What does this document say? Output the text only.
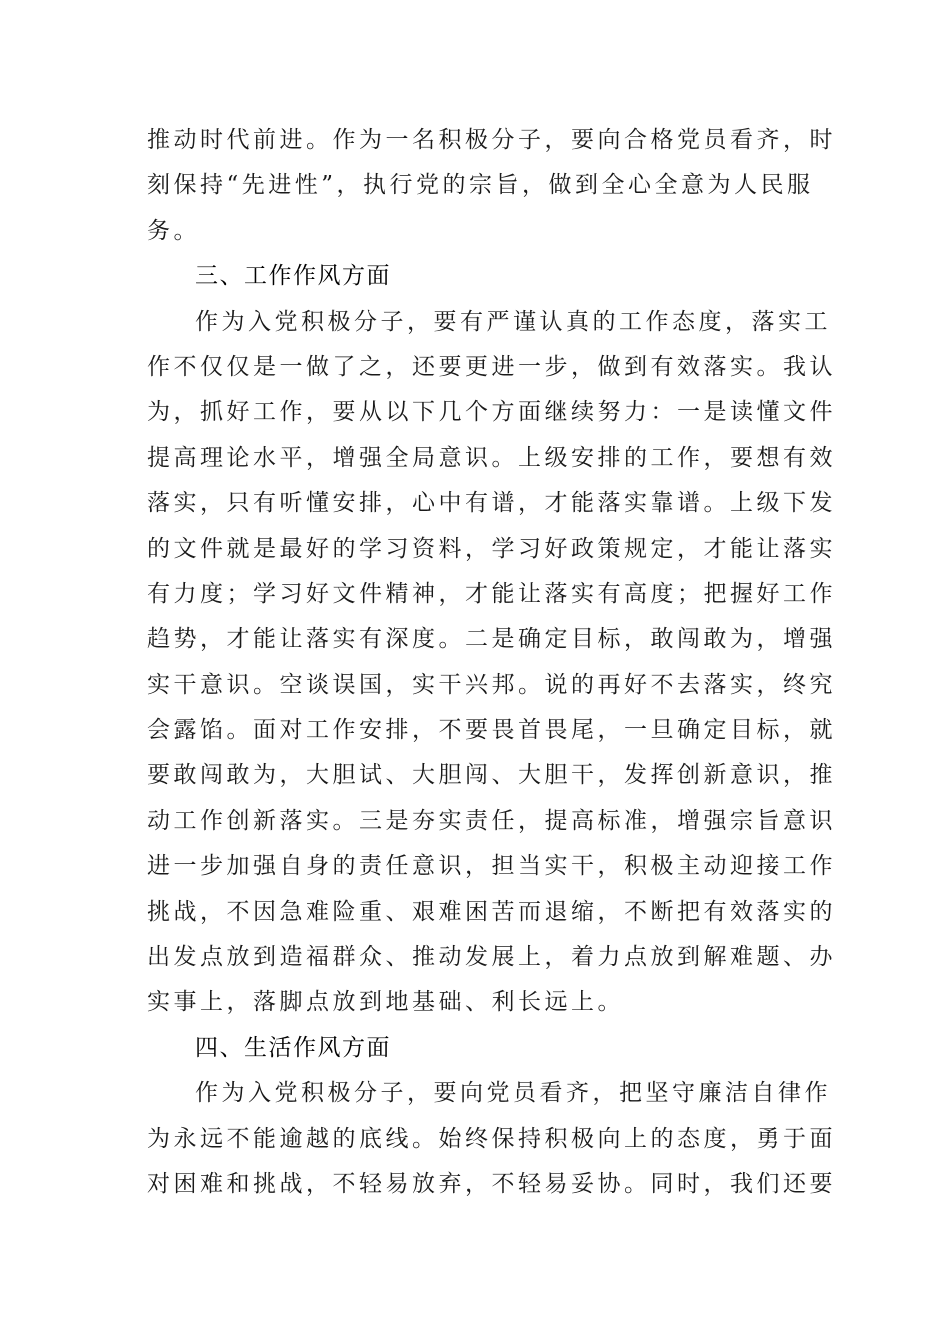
推动时代前进。作为一名积极分子，要向合格党员看齐，时
刻保持“先进性”，执行党的宗旨，做到全心全意为人民服
务。
三、工作作风方面
作为入党积极分子，要有严谨认真的工作态度，落实工
作不仅仅是一做了之，还要更进一步，做到有效落实。我认
为，抓好工作，要从以下几个方面继续努力：一是读懂文件
提高理论水平，增强全局意识。上级安排的工作，要想有效
落实，只有听懂安排，心中有谱，才能落实靠谱。上级下发
的文件就是最好的学习资料，学习好政策规定，才能让落实
有力度；学习好文件精神，才能让落实有高度；把握好工作
趋势，才能让落实有深度。二是确定目标，敢闯敢为，增强
实干意识。空谈误国，实干兴邦。说的再好不去落实，终究
会露馅。面对工作安排，不要畏首畏尾，一旦确定目标，就
要敢闯敢为，大胆试、大胆闯、大胆干，发挥创新意识，推
动工作创新落实。三是夯实责任，提高标准，增强宗旨意识
进一步加强自身的责任意识，担当实干，积极主动迎接工作
挑战，不因急难险重、艰难困苦而退缩，不断把有效落实的
出发点放到造福群众、推动发展上，着力点放到解难题、办
实事上，落脚点放到地基础、利长远上。
四、生活作风方面
作为入党积极分子，要向党员看齐，把坚守廉洁自律作
为永远不能逾越的底线。始终保持积极向上的态度，勇于面
对困难和挑战，不轻易放弃，不轻易妥协。同时，我们还要
